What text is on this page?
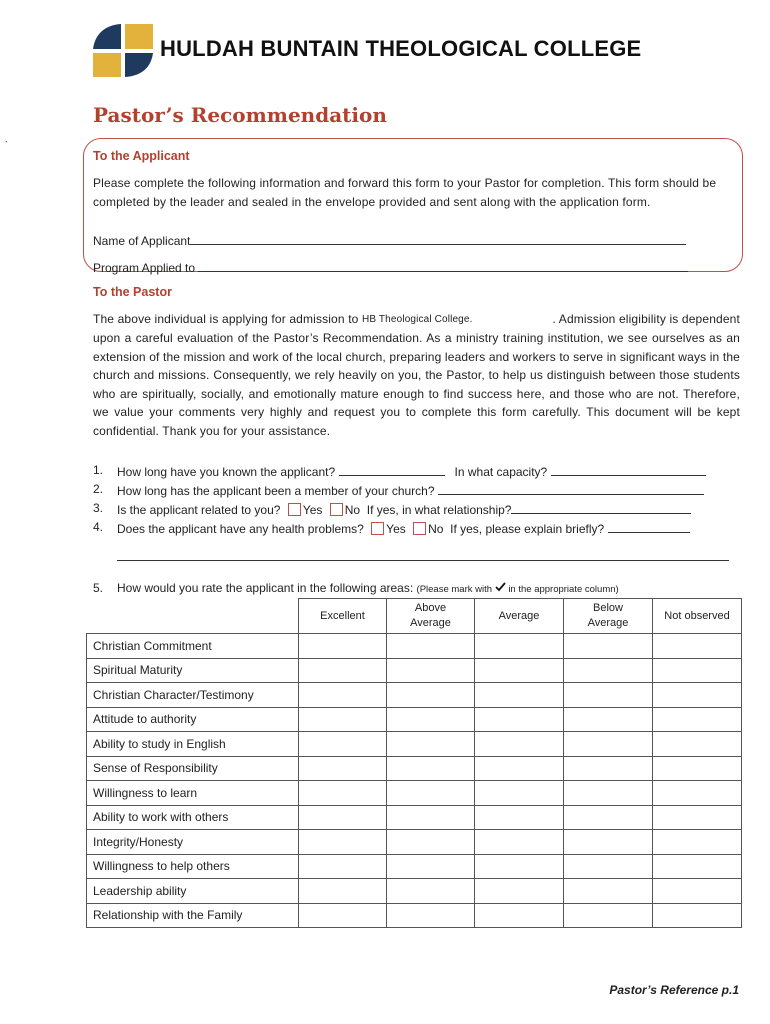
HULDAH BUNTAIN THEOLOGICAL COLLEGE
Pastor’s Recommendation
`
To the Applicant
Please complete the following information and forward this form to your Pastor for completion. This form should be completed by the leader and sealed in the envelope provided and sent along with the application form.
Name of Applicant
Program Applied to
To the Pastor
The above individual is applying for admission to HB Theological College.	. Admission eligibility is dependent
upon a careful evaluation of the Pastor’s Recommendation. As a ministry training institution, we see ourselves as an extension of the mission and work of the local church, preparing leaders and workers to serve in significant ways in the church and missions. Consequently, we rely heavily on you, the Pastor, to help us distinguish between those students who are spiritually, socially, and emotionally mature enough to find success here, and those who are not. Therefore, we value your comments very highly and request you to complete this form carefully. This document will be kept confidential. Thank you for your assistance.
1.	How long have you known the applicant?	In what capacity?
2.	How long has the applicant been a member of your church?
3.	Is the applicant related to you? Yes No If yes, in what relationship?
4.	Does the applicant have any health problems? Yes No If yes, please explain briefly?
5. How would you rate the applicant in the following areas: (Please mark with in the appropriate column)
	Excellent	Above Average	Average	Below Average	Not observed
Christian Commitment					
Spiritual Maturity					
Christian Character/Testimony					
Attitude to authority					
Ability to study in English					
Sense of Responsibility					
Willingness to learn					
Ability to work with others					
Integrity/Honesty					
Willingness to help others					
Leadership ability					
Relationship with the Family					
Pastor’s Reference p.1
